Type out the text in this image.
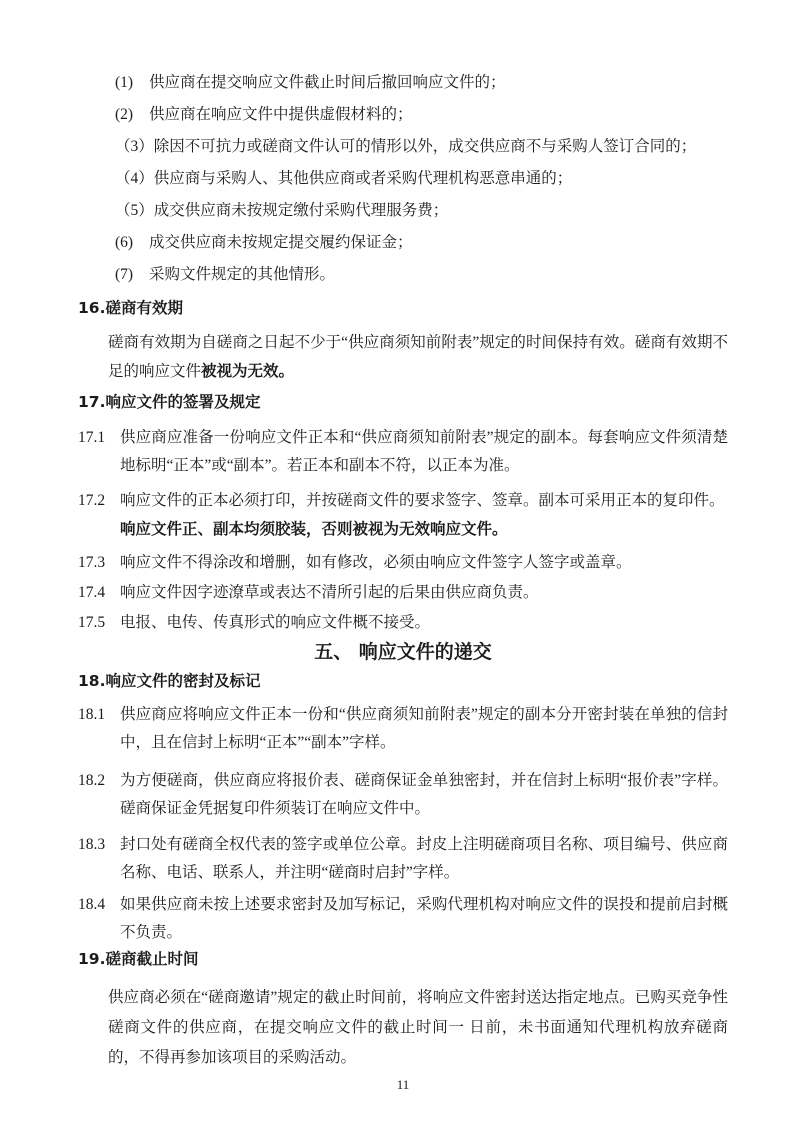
(1)	供应商在提交响应文件截止时间后撤回响应文件的；
(2)	供应商在响应文件中提供虚假材料的；
（3） 除因不可抗力或磋商文件认可的情形以外，成交供应商不与采购人签订合同的；
（4） 供应商与采购人、其他供应商或者采购代理机构恶意串通的；
（5） 成交供应商未按规定缴付采购代理服务费；
(6)	成交供应商未按规定提交履约保证金；
(7)	采购文件规定的其他情形。
16. 磋商有效期
磋商有效期为自磋商之日起不少于“供应商须知前附表”规定的时间保持有效。磋商有效期不足的响应文件被视为无效。
17. 响应文件的签署及规定
17.1 供应商应准备一份响应文件正本和“供应商须知前附表”规定的副本。每套响应文件须清楚地标明“正本”或“副本”。若正本和副本不符，以正本为准。
17.2 响应文件的正本必须打印，并按磋商文件的要求签字、签章。副本可采用正本的复印件。
响应文件正、副本均须胶装，否则被视为无效响应文件。
17.3 响应文件不得涂改和增删，如有修改，必须由响应文件签字人签字或盖章。
17.4 响应文件因字迹潦草或表达不清所引起的后果由供应商负责。
17.5 电报、电传、传真形式的响应文件概不接受。
五、 响应文件的递交
18. 响应文件的密封及标记
18.1 供应商应将响应文件正本一份和“供应商须知前附表”规定的副本分开密封装在单独的信封中，且在信封上标明“正本”“副本”字样。
18.2 为方便磋商，供应商应将报价表、磋商保证金单独密封，并在信封上标明“报价表”字样。磋商保证金凭据复印件须装订在响应文件中。
18.3 封口处有磋商全权代表的签字或单位公章。封皮上注明磋商项目名称、项目编号、供应商名称、电话、联系人，并注明“磋商时启封”字样。
18.4 如果供应商未按上述要求密封及加写标记，采购代理机构对响应文件的误投和提前启封概不负责。
19. 磋商截止时间
供应商必须在“磋商邀请”规定的截止时间前，将响应文件密封送达指定地点。已购买竞争性磋商文件的供应商，在提交响应文件的截止时间一 日前，未书面通知代理机构放弃磋商的，不得再参加该项目的采购活动。
11
